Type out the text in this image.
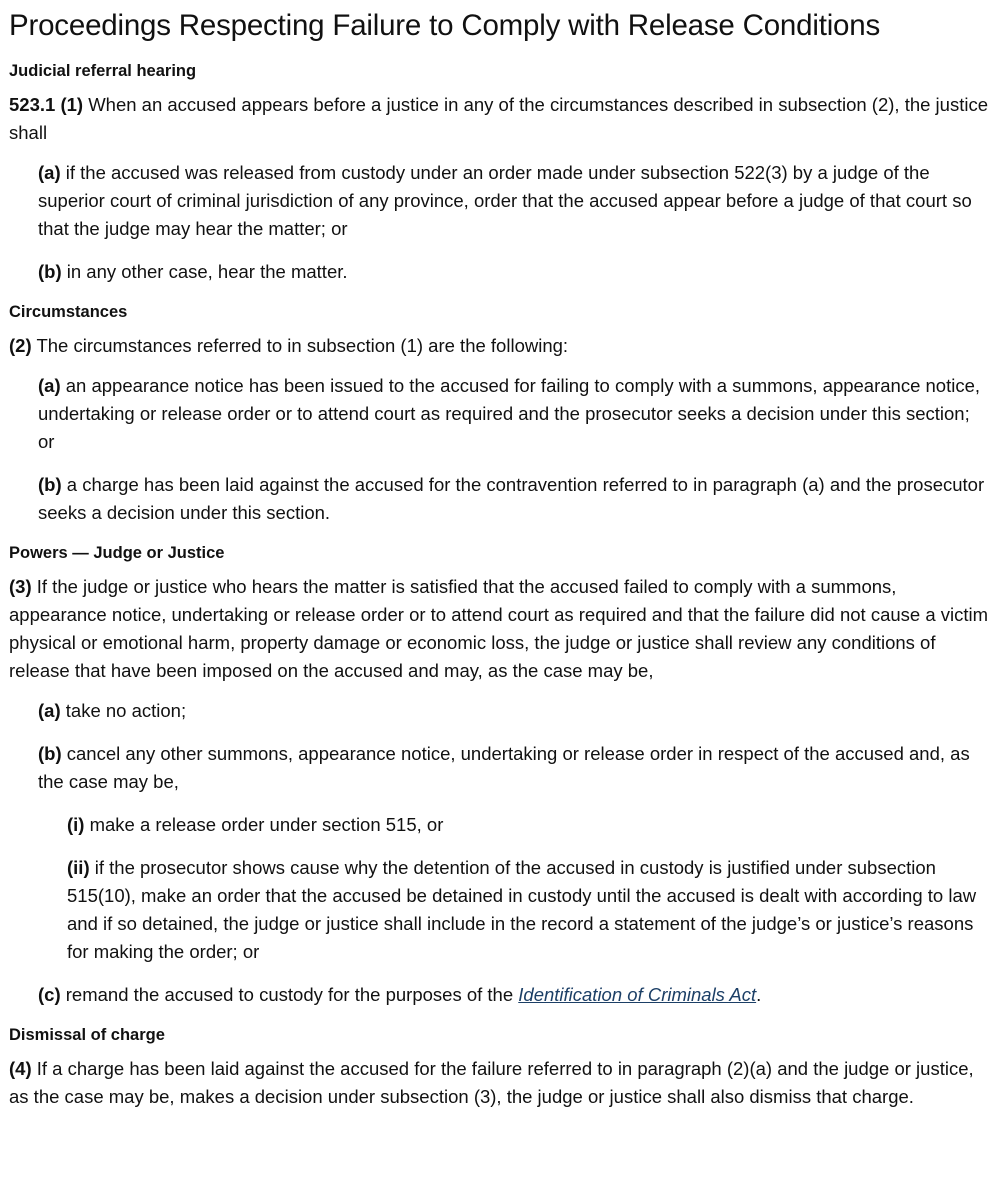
Proceedings Respecting Failure to Comply with Release Conditions
Judicial referral hearing

523.1 (1) When an accused appears before a justice in any of the circumstances described in subsection (2), the justice shall

(a) if the accused was released from custody under an order made under subsection 522(3) by a judge of the superior court of criminal jurisdiction of any province, order that the accused appear before a judge of that court so that the judge may hear the matter; or

(b) in any other case, hear the matter.

Circumstances

(2) The circumstances referred to in subsection (1) are the following:

(a) an appearance notice has been issued to the accused for failing to comply with a summons, appearance notice, undertaking or release order or to attend court as required and the prosecutor seeks a decision under this section; or

(b) a charge has been laid against the accused for the contravention referred to in paragraph (a) and the prosecutor seeks a decision under this section.

Powers — Judge or Justice

(3) If the judge or justice who hears the matter is satisfied that the accused failed to comply with a summons, appearance notice, undertaking or release order or to attend court as required and that the failure did not cause a victim physical or emotional harm, property damage or economic loss, the judge or justice shall review any conditions of release that have been imposed on the accused and may, as the case may be,

(a) take no action;

(b) cancel any other summons, appearance notice, undertaking or release order in respect of the accused and, as the case may be,

(i) make a release order under section 515, or

(ii) if the prosecutor shows cause why the detention of the accused in custody is justified under subsection 515(10), make an order that the accused be detained in custody until the accused is dealt with according to law and if so detained, the judge or justice shall include in the record a statement of the judge’s or justice’s reasons for making the order; or

(c) remand the accused to custody for the purposes of the Identification of Criminals Act.

Dismissal of charge

(4) If a charge has been laid against the accused for the failure referred to in paragraph (2)(a) and the judge or justice, as the case may be, makes a decision under subsection (3), the judge or justice shall also dismiss that charge.
